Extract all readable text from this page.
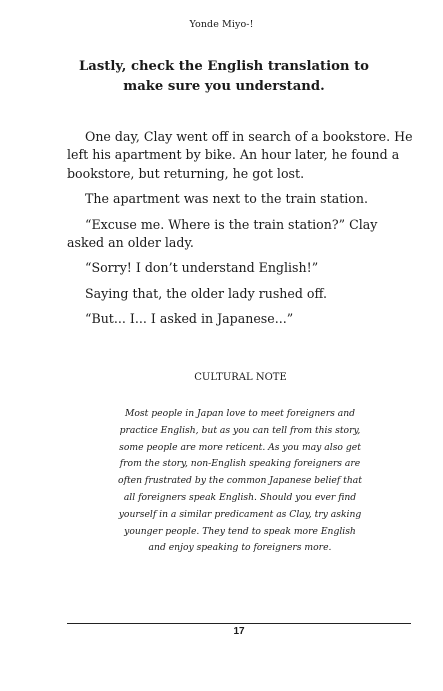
Yonde Miyo-!
Lastly, check the English translation to make sure you understand.

One day, Clay went off in search of a bookstore. He left his apartment by bike. An hour later, he found a bookstore, but returning, he got lost.

The apartment was next to the train station.

“Excuse me. Where is the train station?” Clay asked an older lady.

“Sorry! I don’t understand English!”

Saying that, the older lady rushed off.

“But... I... I asked in Japanese...”

CULTURAL NOTE
Most people in Japan love to meet foreigners and practice English, but as you can tell from this story, some people are more reticent. As you may also get from the story, non-English speaking foreigners are often frustrated by the common Japanese belief that all foreigners speak English. Should you ever find yourself in a similar predicament as Clay, try asking younger people. They tend to speak more English and enjoy speaking to foreigners more.
17
